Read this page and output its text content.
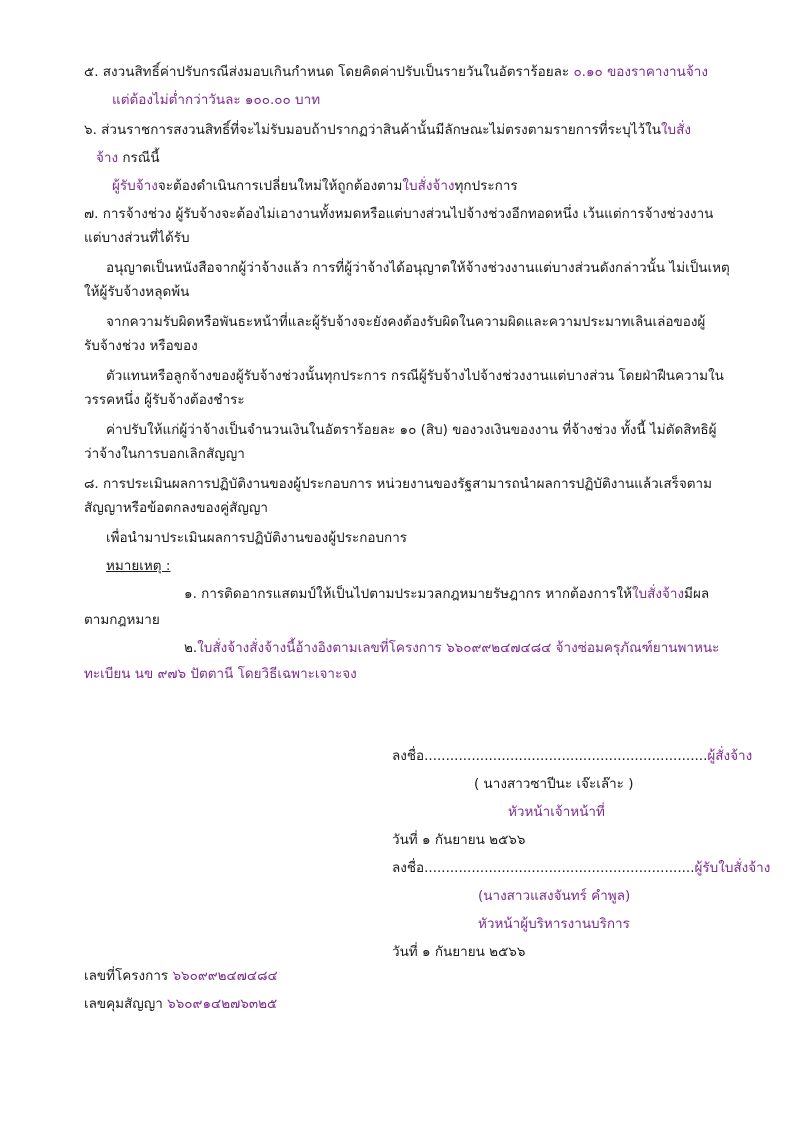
๕. สงวนสิทธิ์ค่าปรับกรณีส่งมอบเกินกำหนด โดยคิดค่าปรับเป็นรายวันในอัตราร้อยละ ๐.๑๐ ของราคางานจ้าง
แต่ต้องไม่ต่ำกว่าวันละ ๑๐๐.๐๐ บาท
๖. ส่วนราชการสงวนสิทธิ์ที่จะไม่รับมอบถ้าปรากฏว่าสินค้านั้นมีลักษณะไม่ตรงตามรายการที่ระบุไว้ในใบสั่ง
จ้าง กรณีนี้
ผู้รับจ้างจะต้องดำเนินการเปลี่ยนใหม่ให้ถูกต้องตามใบสั่งจ้างทุกประการ
๗. การจ้างช่วง ผู้รับจ้างจะต้องไม่เอางานทั้งหมดหรือแต่บางส่วนไปจ้างช่วงอีกทอดหนึ่ง เว้นแต่การจ้างช่วงงาน
แต่บางส่วนที่ได้รับ
อนุญาตเป็นหนังสือจากผู้ว่าจ้างแล้ว การที่ผู้ว่าจ้างได้อนุญาตให้จ้างช่วงงานแต่บางส่วนดังกล่าวนั้น ไม่เป็นเหตุ
ให้ผู้รับจ้างหลุดพ้น
จากความรับผิดหรือพันธะหน้าที่และผู้รับจ้างจะยังคงต้องรับผิดในความผิดและความประมาทเลินเล่อของผู้
รับจ้างช่วง หรือของ
ตัวแทนหรือลูกจ้างของผู้รับจ้างช่วงนั้นทุกประการ กรณีผู้รับจ้างไปจ้างช่วงงานแต่บางส่วน โดยฝ่าฝืนความใน
วรรคหนึ่ง ผู้รับจ้างต้องชำระ
ค่าปรับให้แก่ผู้ว่าจ้างเป็นจำนวนเงินในอัตราร้อยละ ๑๐ (สิบ) ของวงเงินของงาน ที่จ้างช่วง ทั้งนี้ ไม่ตัดสิทธิผู้
ว่าจ้างในการบอกเลิกสัญญา
๘. การประเมินผลการปฏิบัติงานของผู้ประกอบการ หน่วยงานของรัฐสามารถนำผลการปฏิบัติงานแล้วเสร็จตาม
สัญญาหรือข้อตกลงของคู่สัญญา
เพื่อนำมาประเมินผลการปฏิบัติงานของผู้ประกอบการ
หมายเหตุ :
๑. การติดอากรแสตมป์ให้เป็นไปตามประมวลกฎหมายรัษฎากร หากต้องการให้ใบสั่งจ้างมีผล
ตามกฎหมาย
๒.ใบสั่งจ้างสั่งจ้างนี้อ้างอิงตามเลขที่โครงการ ๖๖๐๙๙๒๔๗๔๘๔ จ้างซ่อมครุภัณฑ์ยานพาหนะ
ทะเบียน นข ๙๗๖ ปัตตานี โดยวิธีเฉพาะเจาะจง
ลงชื่อ..................................................................ผู้สั่งจ้าง
( นางสาวซาปีนะ เจ๊ะเล๊าะ )
หัวหน้าเจ้าหน้าที่
วันที่ ๑ กันยายน ๒๕๖๖
ลงชื่อ...............................................................ผู้รับใบสั่งจ้าง
(นางสาวแสงจันทร์ คำพูล)
หัวหน้าผู้บริหารงานบริการ
วันที่ ๑ กันยายน ๒๕๖๖
เลขที่โครงการ ๖๖๐๙๙๒๔๗๔๘๔
เลขคุมสัญญา ๖๖๐๙๑๔๒๗๖๓๒๕
